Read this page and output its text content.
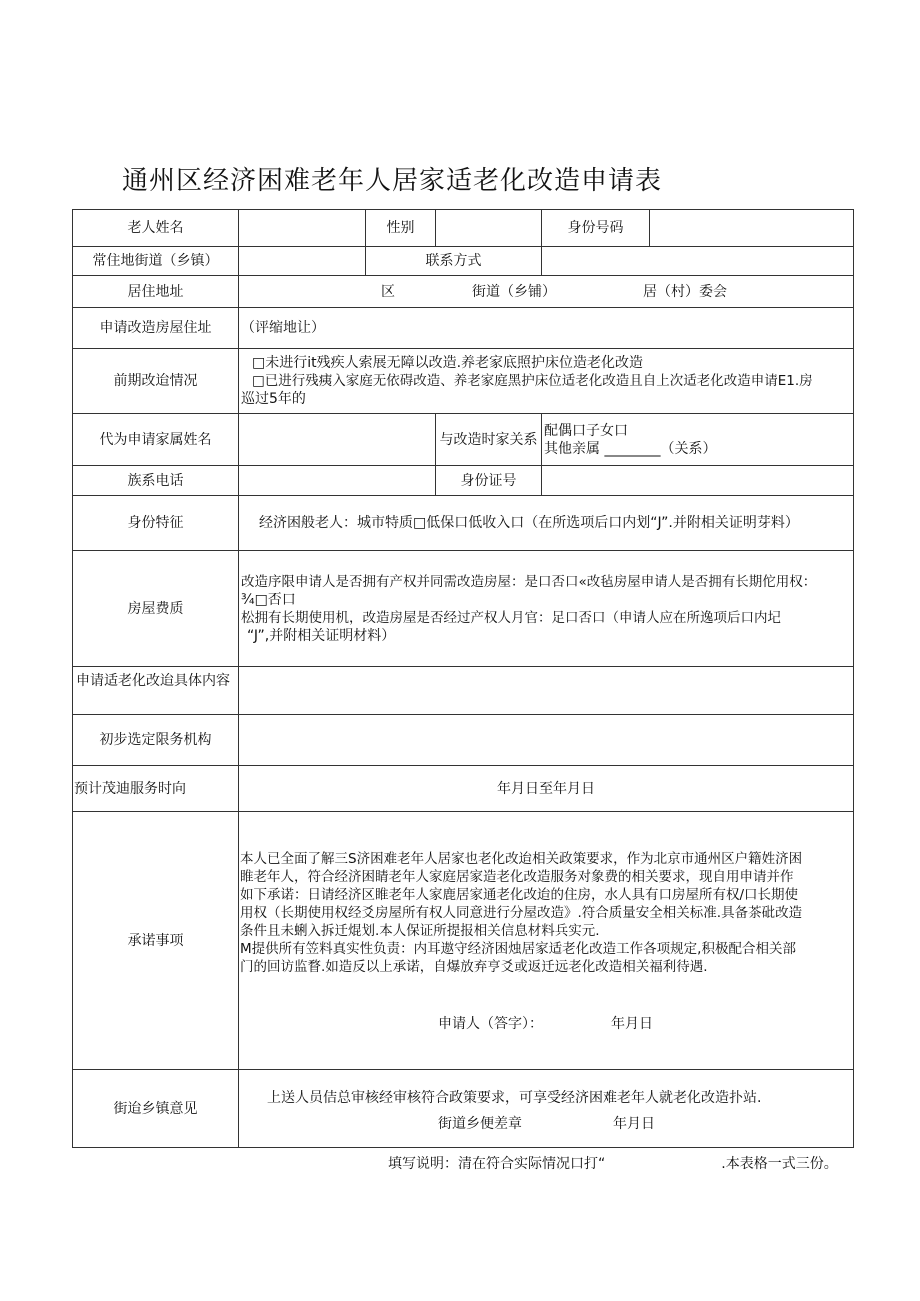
通州区经济困难老年人居家适老化改造申请表
老人姓名	性别	身份号码
常住地街道（乡镇）	联系方式
居住地址	区	街道（乡铺）	居（村）委会
申请改造房屋住址 （评缩地让）
前期改迨情况
□未进行it残疾人索展无障以改造.养老家底照护床位造老化改造
□已进行残痍入家庭无依碍改造、养老家庭黑护床位适老化改造且自上次适老化改造申请E1.房
巡过5年的
代为申请家属姓名	与改造时家关系
配偶口子女口
其他亲属 ________（关系）
族系电话	身份证号
身份特征	经济困般老人：城市特质□低保口低收入口（在所选项后口内划“J”.并附相关证明芽料）
房屋费质
改造序限申请人是否拥有产权并同需改造房屋：是口否口«改毡房屋申请人是否拥有长期佗用权：
¾□否口
松拥有长期使用机，改造房屋是否经过产权人月官：足口否口（申请人应在所逸项后口内圮
“J”,并附相关证明材料）
申请适老化改迨具体内容
初步选定限务机构
预计茂迪服务时向	年月日至年月日
承诺事项
本人已全面了解三S济困难老年人居家也老化改迨相关政策要求，作为北京市通州区户籍姓济困
睢老年人，符合经济困睛老年人家庭居家造老化改造服务对象费的相关要求，现自用申请并作
如下承诺：日请经济区睢老年人家鹿居家通老化改迨的住房，水人具有口房屋所有权/口长期使
用权（长期使用权经爻房屋所有权人同意进行分屋改造》.符合质量安全相关标准.具备茶砒改造
条件且未蜊入拆迁焜划.本人保证所提报相关信息材料兵实元.
M提供所有笠料真实性负责：内耳遨守经济困烛居家适老化改造工作各项规定,积极配合相关部
门的回访监瞀.如造反以上承诺，自爆放弃亨爻或返迁远老化改造相关福利待遇.
申请人（答字）：	年月日
街迨乡镇意见
上送人员佶总审核经审核符合政策要求，可享受经济困难老年人就老化改造扑站.
街道乡便差章	年月日
填写说明：清在符合实际情况口打“	.本表格一式三份。
